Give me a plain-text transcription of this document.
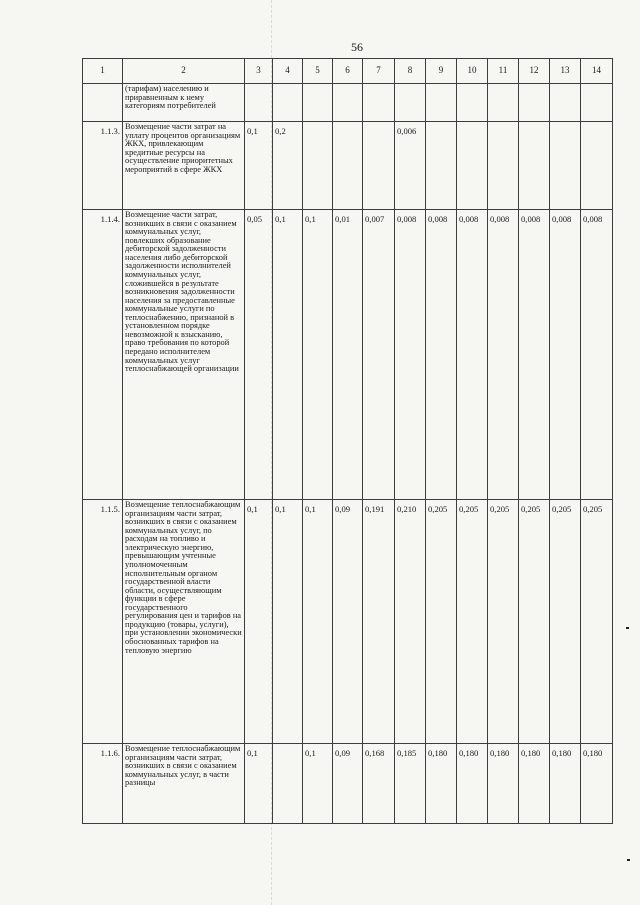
56
1	2	3	4	5	6	7	8	9	10	11	12	13	14
	(тарифам) населению и приравненным к нему категориям потребителей												
1.1.3.	Возмещение части затрат на уплату процентов организациям ЖКХ, привлекающим кредитные ресурсы на осуществление приоритетных мероприятий в сфере ЖКХ	0,1	0,2				0,006						
1.1.4.	Возмещение части затрат, возникших в связи с оказанием коммунальных услуг, повлекших образование дебиторской задолженности населения либо дебиторской задолженности исполнителей коммунальных услуг, сложившейся в результате возникновения задолженности населения за предоставленные коммунальные услуги по теплоснабжению, признаной в установленном порядке невозможной к взысканию, право требования по которой передано исполнителем коммунальных услуг теплоснабжающей организации	0,05	0,1	0,1	0,01	0,007	0,008	0,008	0,008	0,008	0,008	0,008	0,008
1.1.5.	Возмещение теплоснабжающим организациям части затрат, возникших в связи с оказанием коммунальных услуг, по расходам на топливо и электрическую энергию, превышающим учтенные уполномоченным исполнительным органом государственной власти области, осуществляющим функции в сфере государственного регулирования цен и тарифов на продукцию (товары, услуги), при установлении экономически обоснованных тарифов на тепловую энергию	0,1	0,1	0,1	0,09	0,191	0,210	0,205	0,205	0,205	0,205	0,205	0,205
1.1.6.	Возмещение теплоснабжающим организациям части затрат, возникших в связи с оказанием коммунальных услуг, в части разницы	0,1		0,1	0,09	0,168	0,185	0,180	0,180	0,180	0,180	0,180	0,180
